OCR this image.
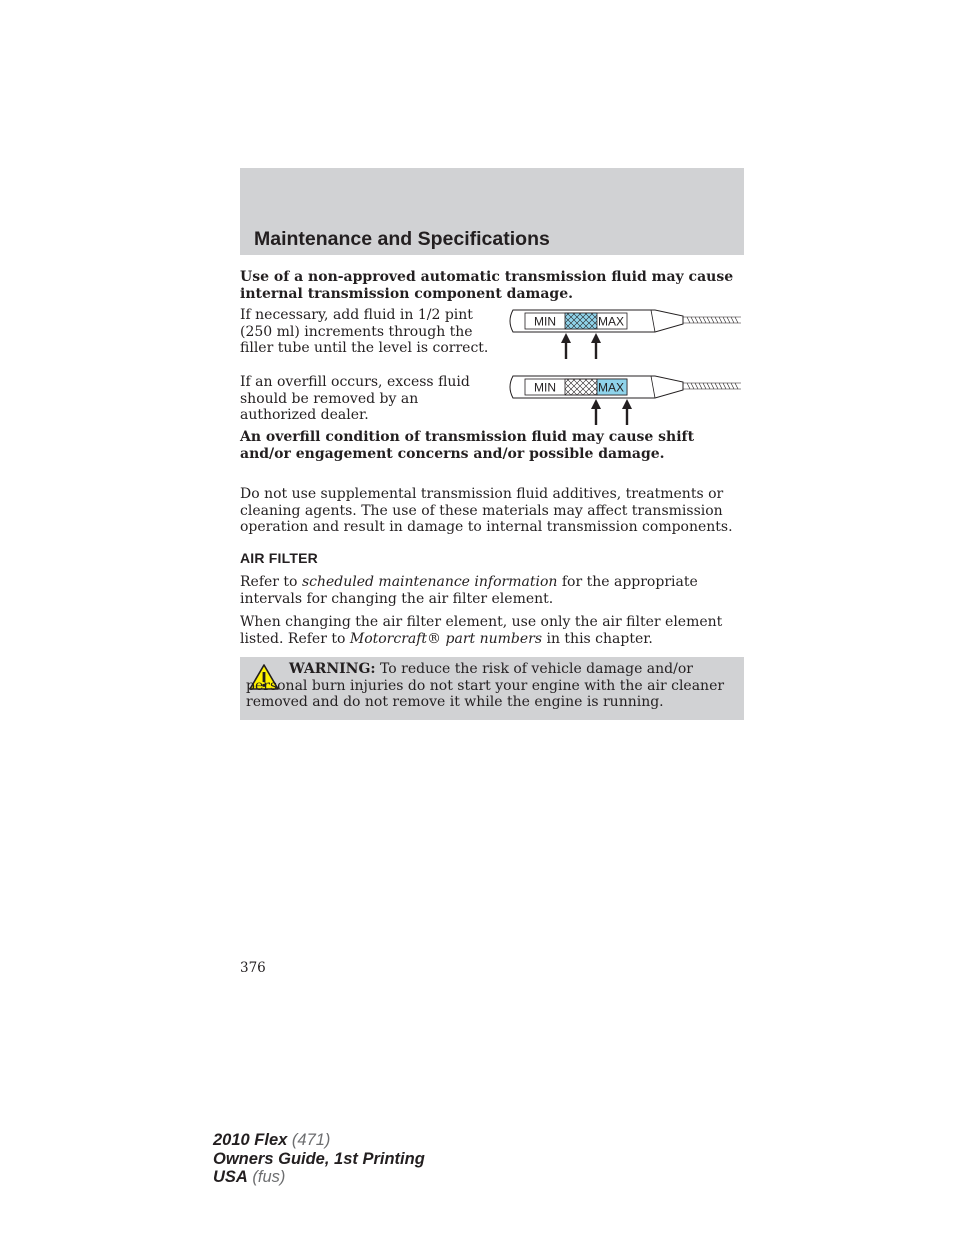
Maintenance and Specifications

Use of a non-approved automatic transmission fluid may cause internal transmission component damage.

If necessary, add fluid in 1/2 pint (250 ml) increments through the filler tube until the level is correct.

MIN	MAX

If an overfill occurs, excess fluid should be removed by an authorized dealer.

MIN	MAX

An overfill condition of transmission fluid may cause shift and/or engagement concerns and/or possible damage.

Do not use supplemental transmission fluid additives, treatments or cleaning agents. The use of these materials may affect transmission operation and result in damage to internal transmission components.

AIR FILTER

Refer to scheduled maintenance information for the appropriate intervals for changing the air filter element.

When changing the air filter element, use only the air filter element listed. Refer to Motorcraft® part numbers in this chapter.

WARNING: To reduce the risk of vehicle damage and/or personal burn injuries do not start your engine with the air cleaner removed and do not remove it while the engine is running.

376

2010 Flex (471)
Owners Guide, 1st Printing
USA (fus)
